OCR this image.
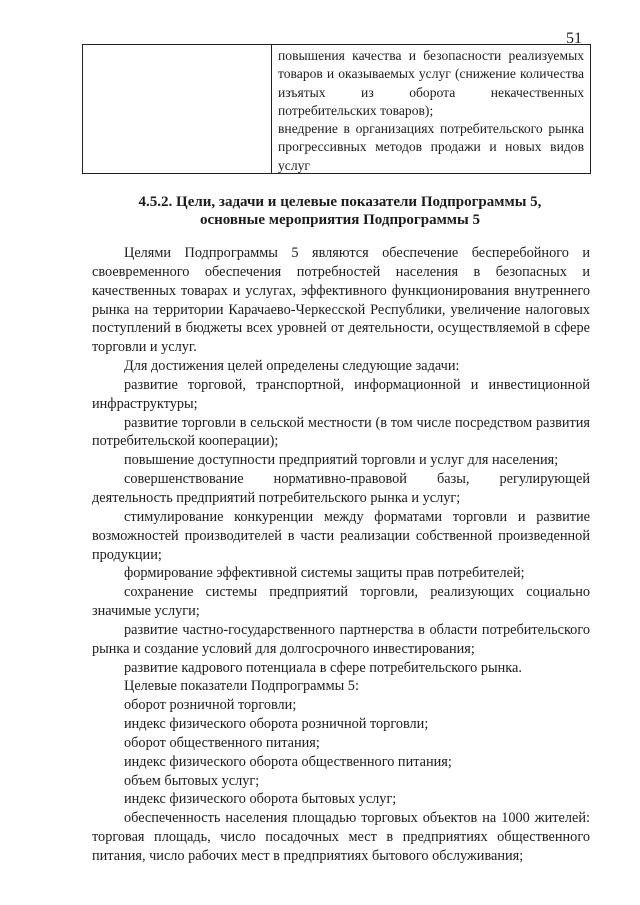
51
повышения качества и безопасности реализуемых товаров и оказываемых услуг (снижение количества изъятых из оборота некачественных потребительских товаров);
внедрение в организациях потребительского рынка прогрессивных методов продажи и новых видов услуг
4.5.2. Цели, задачи и целевые показатели Подпрограммы 5,
основные мероприятия Подпрограммы 5

Целями Подпрограммы 5 являются обеспечение бесперебойного и своевременного обеспечения потребностей населения в безопасных и качественных товарах и услугах, эффективного функционирования внутреннего рынка на территории Карачаево-Черкесской Республики, увеличение налоговых поступлений в бюджеты всех уровней от деятельности, осуществляемой в сфере торговли и услуг.

Для достижения целей определены следующие задачи:

развитие торговой, транспортной, информационной и инвестиционной инфраструктуры;

развитие торговли в сельской местности (в том числе посредством развития потребительской кооперации);

повышение доступности предприятий торговли и услуг для населения;

совершенствование нормативно-правовой базы, регулирующей деятельность предприятий потребительского рынка и услуг;

стимулирование конкуренции между форматами торговли и развитие возможностей производителей в части реализации собственной произведенной продукции;

формирование эффективной системы защиты прав потребителей;

сохранение системы предприятий торговли, реализующих социально значимые услуги;

развитие частно-государственного партнерства в области потребительского рынка и создание условий для долгосрочного инвестирования;

развитие кадрового потенциала в сфере потребительского рынка.

Целевые показатели Подпрограммы 5:

оборот розничной торговли;

индекс физического оборота розничной торговли;

оборот общественного питания;

индекс физического оборота общественного питания;

объем бытовых услуг;

индекс физического оборота бытовых услуг;

обеспеченность населения площадью торговых объектов на 1000 жителей: торговая площадь, число посадочных мест в предприятиях общественного питания, число рабочих мест в предприятиях бытового обслуживания;
